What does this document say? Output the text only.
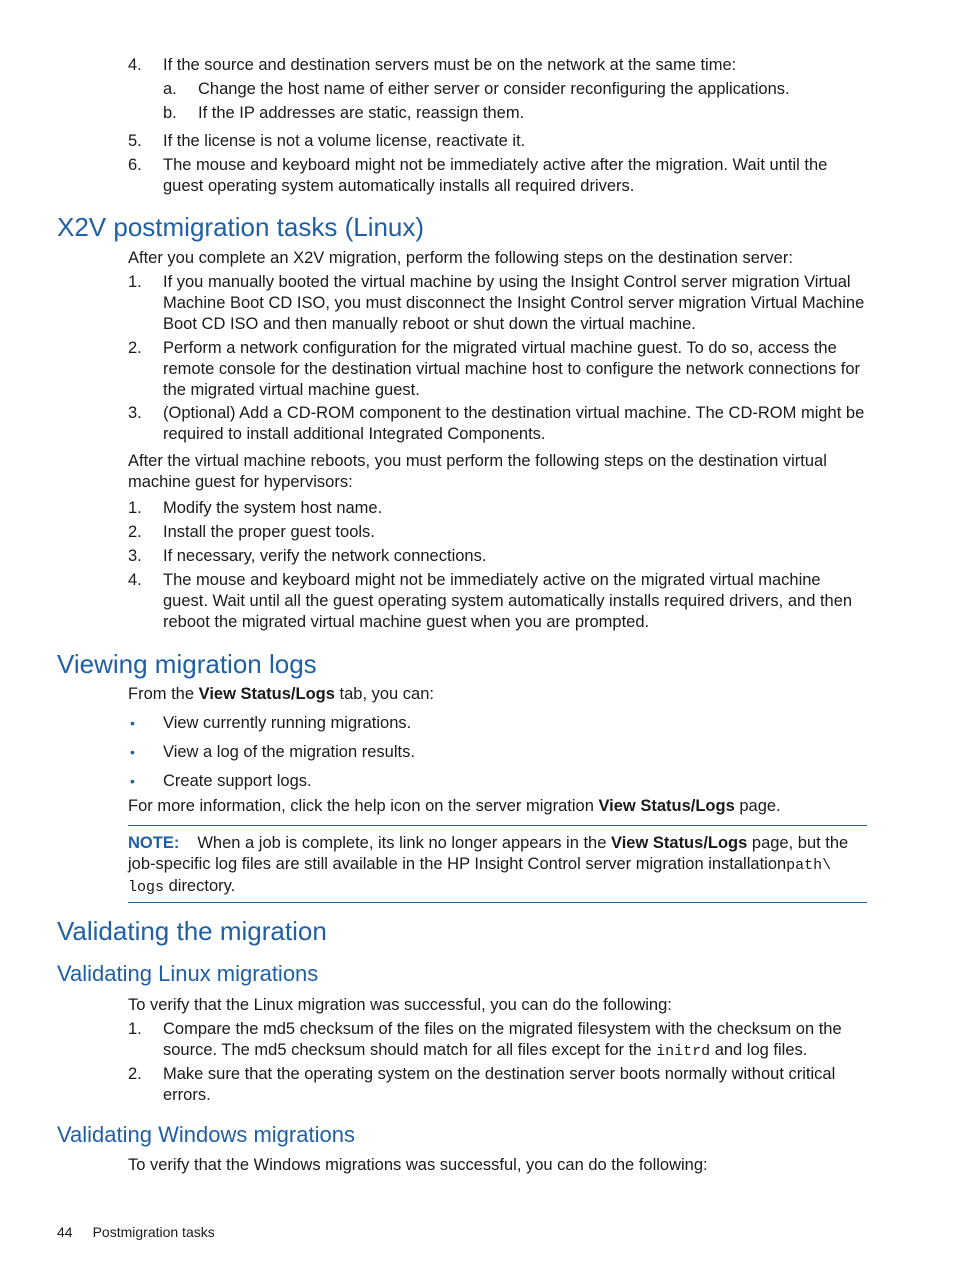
4.	If the source and destination servers must be on the network at the same time:
a.	Change the host name of either server or consider reconfiguring the applications.
b.	If the IP addresses are static, reassign them.
5.	If the license is not a volume license, reactivate it.
6.	The mouse and keyboard might not be immediately active after the migration. Wait until the guest operating system automatically installs all required drivers.
X2V postmigration tasks (Linux)
After you complete an X2V migration, perform the following steps on the destination server:
1.	If you manually booted the virtual machine by using the Insight Control server migration Virtual Machine Boot CD ISO, you must disconnect the Insight Control server migration Virtual Machine Boot CD ISO and then manually reboot or shut down the virtual machine.
2.	Perform a network configuration for the migrated virtual machine guest. To do so, access the remote console for the destination virtual machine host to configure the network connections for the migrated virtual machine guest.
3.	(Optional) Add a CD-ROM component to the destination virtual machine. The CD-ROM might be required to install additional Integrated Components.
After the virtual machine reboots, you must perform the following steps on the destination virtual machine guest for hypervisors:
1.	Modify the system host name.
2.	Install the proper guest tools.
3.	If necessary, verify the network connections.
4.	The mouse and keyboard might not be immediately active on the migrated virtual machine guest. Wait until all the guest operating system automatically installs required drivers, and then reboot the migrated virtual machine guest when you are prompted.
Viewing migration logs
From the View Status/Logs tab, you can:
•	View currently running migrations.
•	View a log of the migration results.
•	Create support logs.
For more information, click the help icon on the server migration View Status/Logs page.
NOTE: When a job is complete, its link no longer appears in the View Status/Logs page, but the job-specific log files are still available in the HP Insight Control server migration installationpath\
logs directory.
Validating the migration
Validating Linux migrations
To verify that the Linux migration was successful, you can do the following:
1.	Compare the md5 checksum of the files on the migrated filesystem with the checksum on the source. The md5 checksum should match for all files except for the initrd and log files.
2.	Make sure that the operating system on the destination server boots normally without critical errors.
Validating Windows migrations
To verify that the Windows migrations was successful, you can do the following:
44 Postmigration tasks
